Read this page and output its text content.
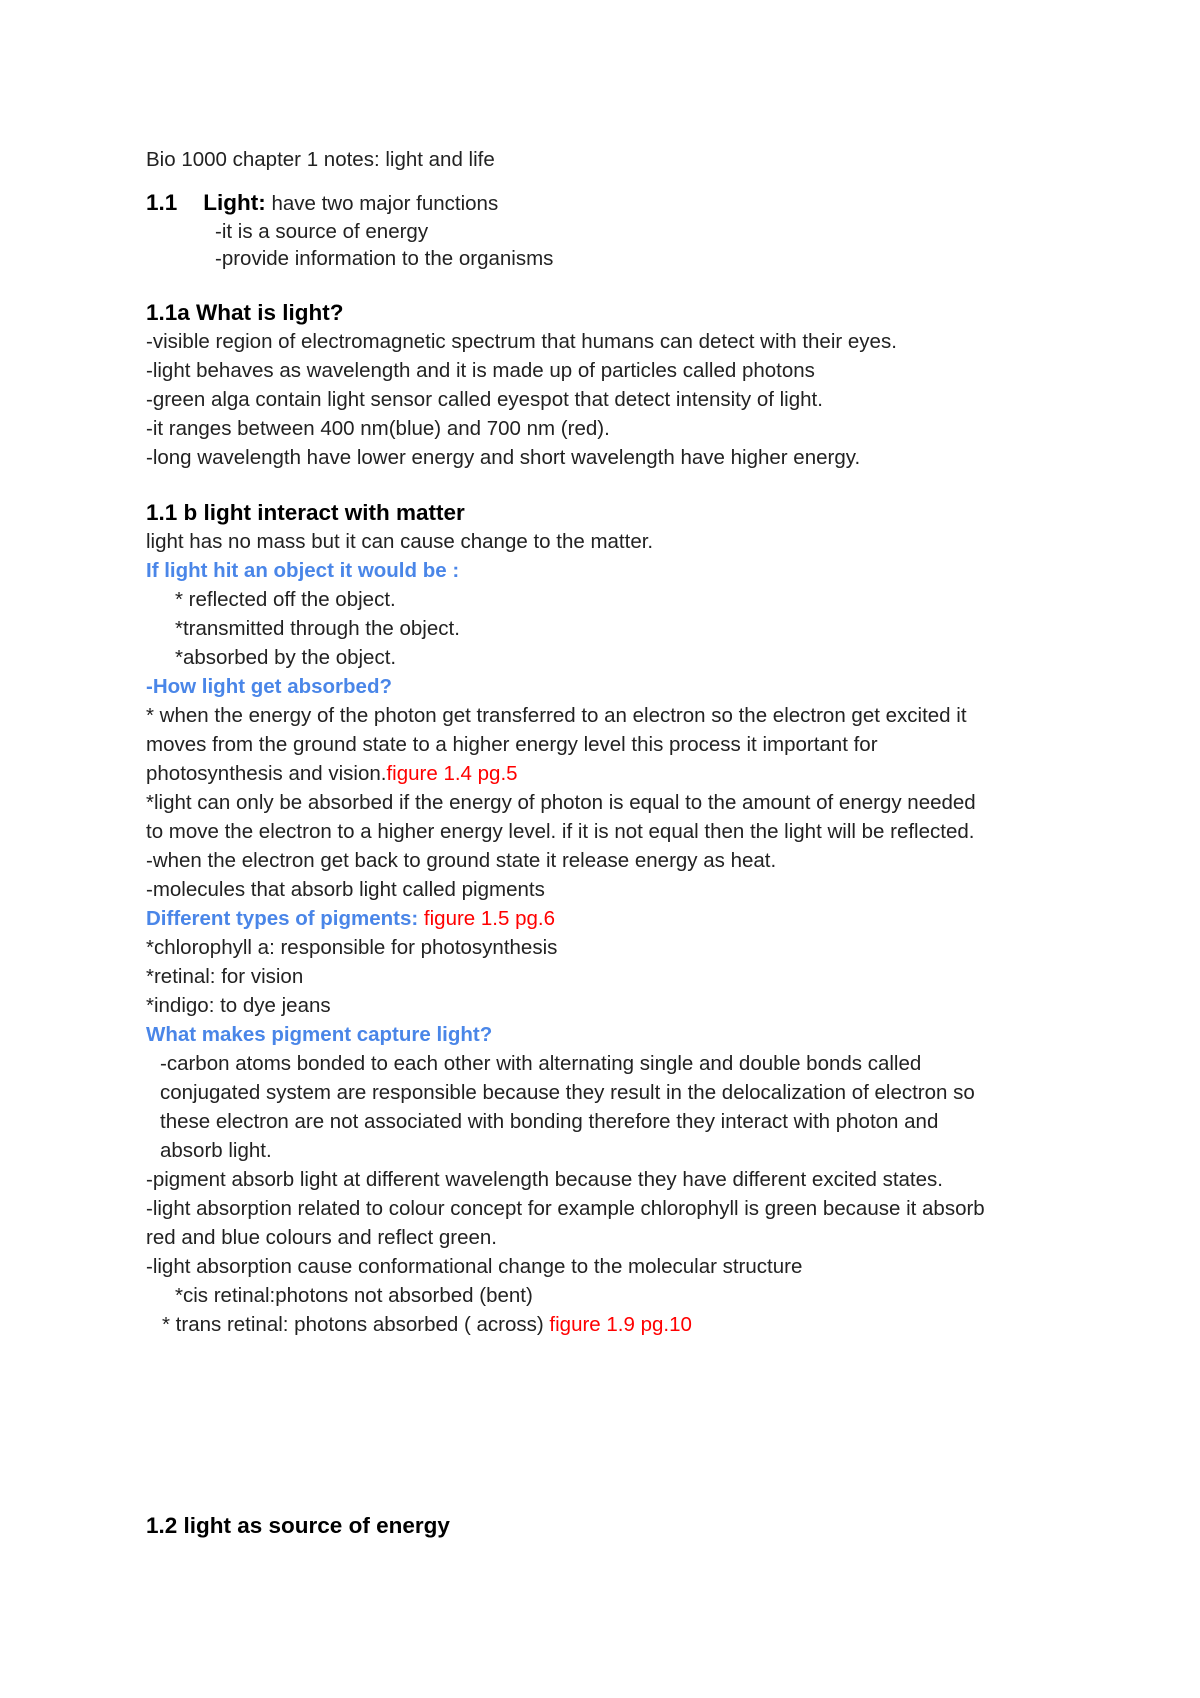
Bio 1000 chapter 1 notes: light and life
1.1 Light: have two major functions
-it is a source of energy
-provide information to the organisms
1.1a What is light?
-visible region of electromagnetic spectrum that humans can detect with their eyes.
-light behaves as wavelength and it is made up of particles called photons
-green alga contain light sensor called eyespot that detect intensity of light.
-it ranges between 400 nm(blue) and 700 nm (red).
-long wavelength have lower energy and short wavelength have higher energy.
1.1 b light interact with matter
light has no mass but it can cause change to the matter.
If light hit an object it would be :
* reflected off the object.
*transmitted through the object.
*absorbed by the object.
-How light get absorbed?
* when the energy of the photon get transferred to an electron so the electron get excited it
moves from the ground state to a higher energy level this process it important for
photosynthesis and vision.figure 1.4 pg.5
*light can only be absorbed if the energy of photon is equal to the amount of energy needed
to move the electron to a higher energy level. if it is not equal then the light will be reflected.
-when the electron get back to ground state it release energy as heat.
-molecules that absorb light called pigments
Different types of pigments: figure 1.5 pg.6
*chlorophyll a: responsible for photosynthesis
*retinal: for vision
*indigo: to dye jeans
What makes pigment capture light?
-carbon atoms bonded to each other with alternating single and double bonds called
conjugated system are responsible because they result in the delocalization of electron so
these electron are not associated with bonding therefore they interact with photon and
absorb light.
-pigment absorb light at different wavelength because they have different excited states.
-light absorption related to colour concept for example chlorophyll is green because it absorb
red and blue colours and reflect green.
-light absorption cause conformational change to the molecular structure
*cis retinal:photons not absorbed (bent)
* trans retinal: photons absorbed ( across) figure 1.9 pg.10
1.2 light as source of energy
